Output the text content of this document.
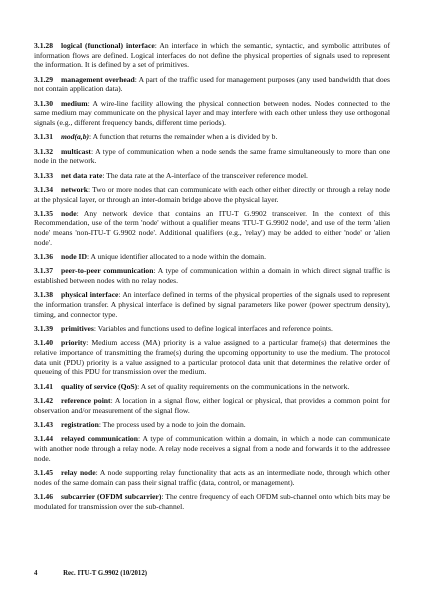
3.1.28 logical (functional) interface: An interface in which the semantic, syntactic, and symbolic attributes of information flows are defined. Logical interfaces do not define the physical properties of signals used to represent the information. It is defined by a set of primitives.

3.1.29 management overhead: A part of the traffic used for management purposes (any used bandwidth that does not contain application data).

3.1.30 medium: A wire-line facility allowing the physical connection between nodes. Nodes connected to the same medium may communicate on the physical layer and may interfere with each other unless they use orthogonal signals (e.g., different frequency bands, different time periods).

3.1.31 mod(a,b): A function that returns the remainder when a is divided by b.

3.1.32 multicast: A type of communication when a node sends the same frame simultaneously to more than one node in the network.

3.1.33 net data rate: The data rate at the A-interface of the transceiver reference model.

3.1.34 network: Two or more nodes that can communicate with each other either directly or through a relay node at the physical layer, or through an inter-domain bridge above the physical layer.

3.1.35 node: Any network device that contains an ITU-T G.9902 transceiver. In the context of this Recommendation, use of the term 'node' without a qualifier means 'ITU-T G.9902 node', and use of the term 'alien node' means 'non-ITU-T G.9902 node'. Additional qualifiers (e.g., 'relay') may be added to either 'node' or 'alien node'.

3.1.36 node ID: A unique identifier allocated to a node within the domain.

3.1.37 peer-to-peer communication: A type of communication within a domain in which direct signal traffic is established between nodes with no relay nodes.

3.1.38 physical interface: An interface defined in terms of the physical properties of the signals used to represent the information transfer. A physical interface is defined by signal parameters like power (power spectrum density), timing, and connector type.

3.1.39 primitives: Variables and functions used to define logical interfaces and reference points.

3.1.40 priority: Medium access (MA) priority is a value assigned to a particular frame(s) that determines the relative importance of transmitting the frame(s) during the upcoming opportunity to use the medium. The protocol data unit (PDU) priority is a value assigned to a particular protocol data unit that determines the relative order of queueing of this PDU for transmission over the medium.

3.1.41 quality of service (QoS): A set of quality requirements on the communications in the network.

3.1.42 reference point: A location in a signal flow, either logical or physical, that provides a common point for observation and/or measurement of the signal flow.

3.1.43 registration: The process used by a node to join the domain.

3.1.44 relayed communication: A type of communication within a domain, in which a node can communicate with another node through a relay node. A relay node receives a signal from a node and forwards it to the addressee node.

3.1.45 relay node: A node supporting relay functionality that acts as an intermediate node, through which other nodes of the same domain can pass their signal traffic (data, control, or management).

3.1.46 subcarrier (OFDM subcarrier): The centre frequency of each OFDM sub-channel onto which bits may be modulated for transmission over the sub-channel.

4	Rec. ITU-T G.9902 (10/2012)
